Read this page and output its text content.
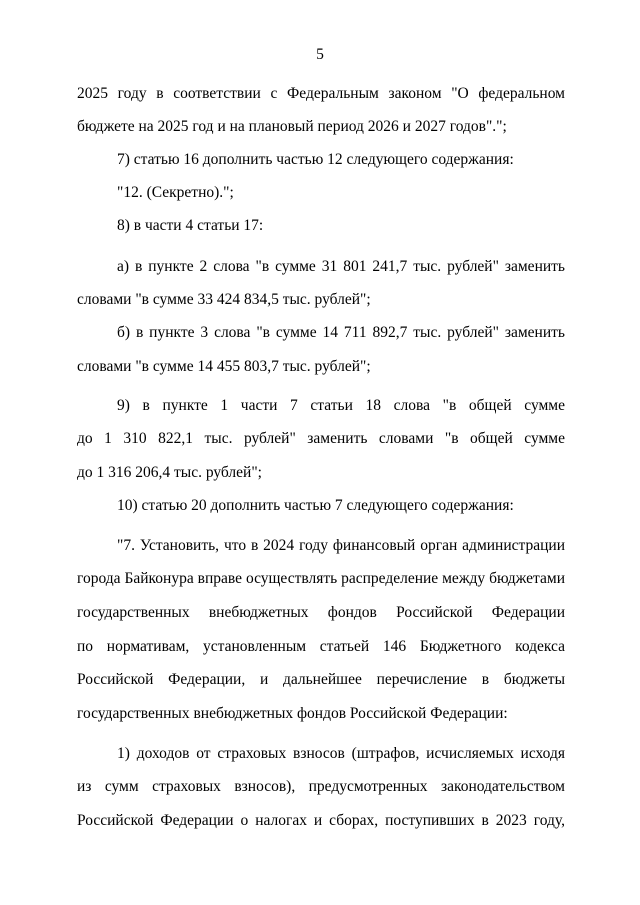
5
2025 году в соответствии с Федеральным законом "О федеральном
бюджете на 2025 год и на плановый период 2026 и 2027 годов".";
7) статью 16 дополнить частью 12 следующего содержания:
"12. (Секретно).";
8) в части 4 статьи 17:
а) в пункте 2 слова "в сумме 31 801 241,7 тыс. рублей" заменить
словами "в сумме 33 424 834,5 тыс. рублей";
б) в пункте 3 слова "в сумме 14 711 892,7 тыс. рублей" заменить
словами "в сумме 14 455 803,7 тыс. рублей";
9) в пункте 1 части 7 статьи 18 слова "в общей сумме
до 1 310 822,1 тыс. рублей" заменить словами "в общей сумме
до 1 316 206,4 тыс. рублей";
10) статью 20 дополнить частью 7 следующего содержания:
"7. Установить, что в 2024 году финансовый орган администрации
города Байконура вправе осуществлять распределение между бюджетами
государственных внебюджетных фондов Российской Федерации
по нормативам, установленным статьей 146 Бюджетного кодекса
Российской Федерации, и дальнейшее перечисление в бюджеты
государственных внебюджетных фондов Российской Федерации:
1) доходов от страховых взносов (штрафов, исчисляемых исходя
из сумм страховых взносов), предусмотренных законодательством
Российской Федерации о налогах и сборах, поступивших в 2023 году,
